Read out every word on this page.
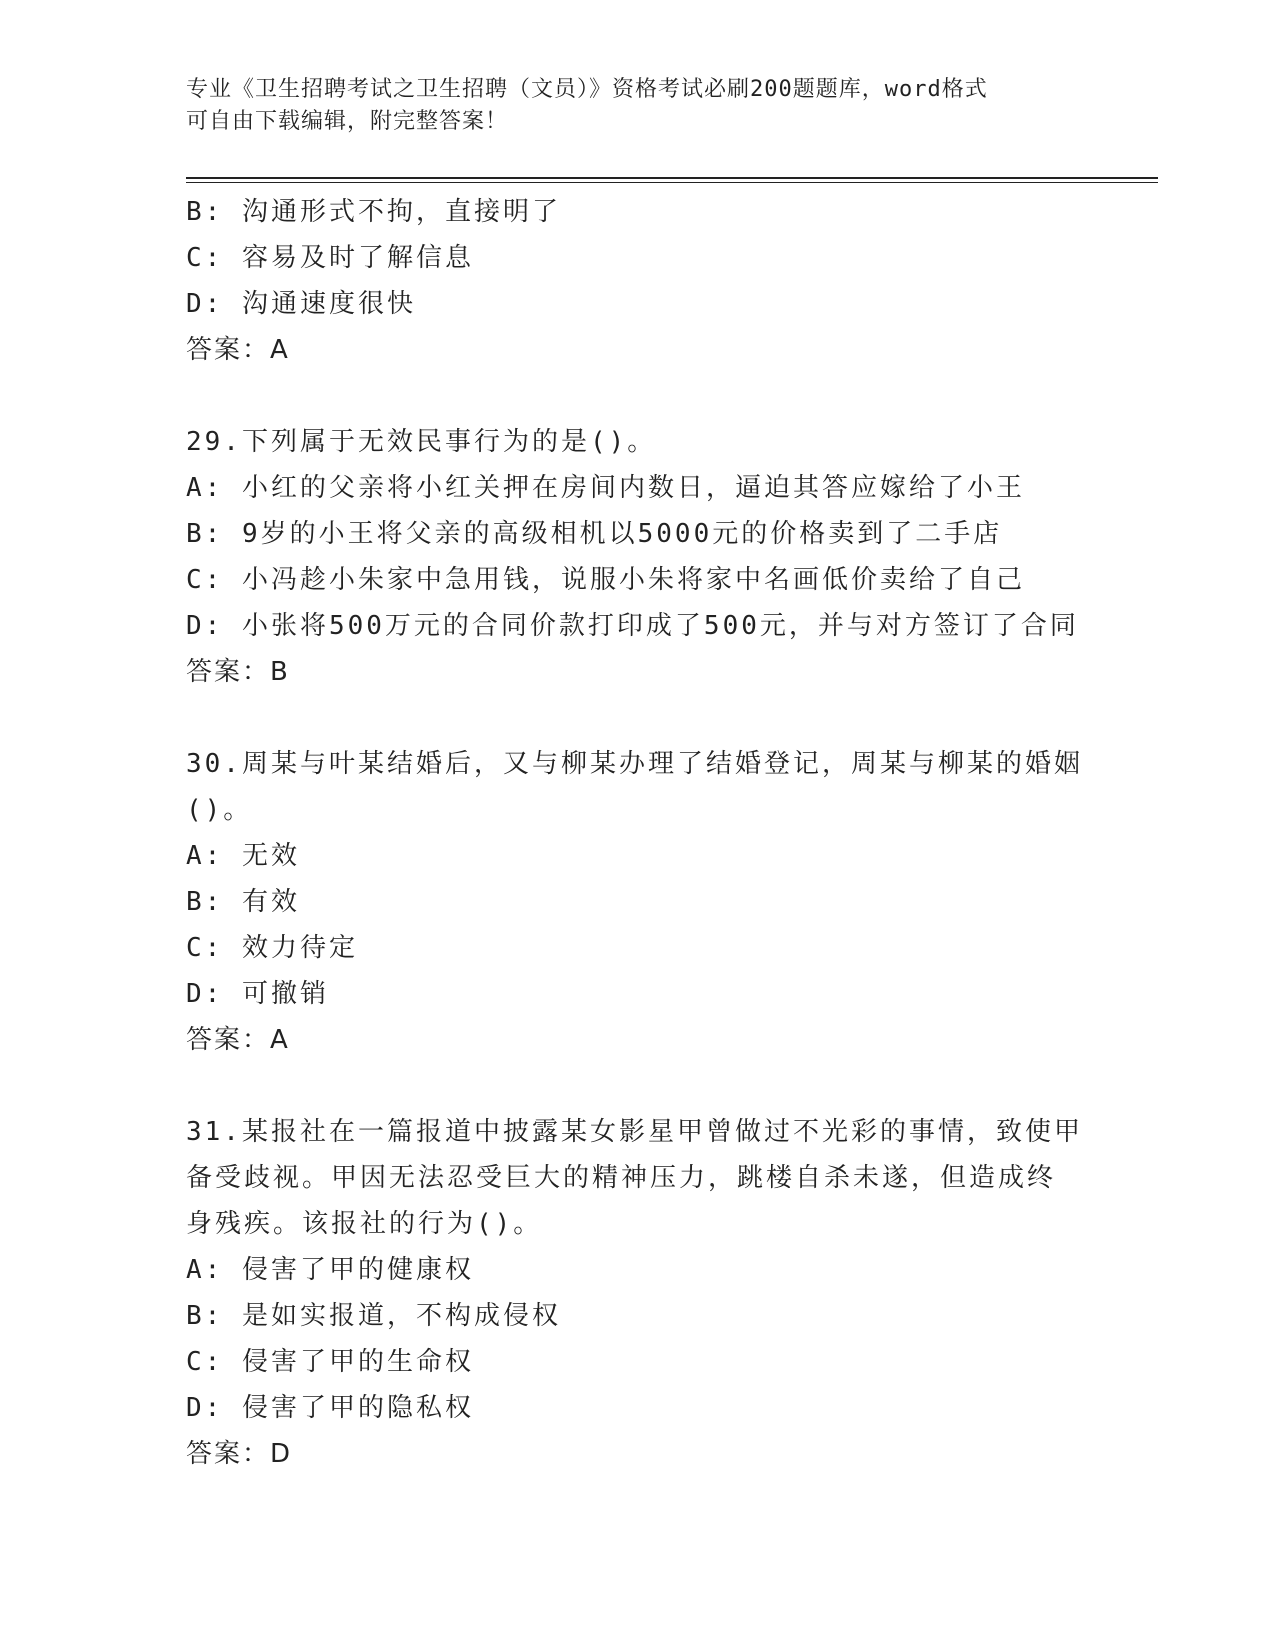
专业《卫生招聘考试之卫生招聘（文员）》资格考试必刷200题题库，word格式
可自由下载编辑，附完整答案！
B: 沟通形式不拘，直接明了
C: 容易及时了解信息
D: 沟通速度很快
答案：A
29.下列属于无效民事行为的是()。
A: 小红的父亲将小红关押在房间内数日，逼迫其答应嫁给了小王
B: 9岁的小王将父亲的高级相机以5000元的价格卖到了二手店
C: 小冯趁小朱家中急用钱，说服小朱将家中名画低价卖给了自己
D: 小张将500万元的合同价款打印成了500元，并与对方签订了合同
答案：B
30.周某与叶某结婚后，又与柳某办理了结婚登记，周某与柳某的婚姻
()。
A: 无效
B: 有效
C: 效力待定
D: 可撤销
答案：A
31.某报社在一篇报道中披露某女影星甲曾做过不光彩的事情，致使甲
备受歧视。甲因无法忍受巨大的精神压力，跳楼自杀未遂，但造成终
身残疾。该报社的行为()。
A: 侵害了甲的健康权
B: 是如实报道，不构成侵权
C: 侵害了甲的生命权
D: 侵害了甲的隐私权
答案：D
